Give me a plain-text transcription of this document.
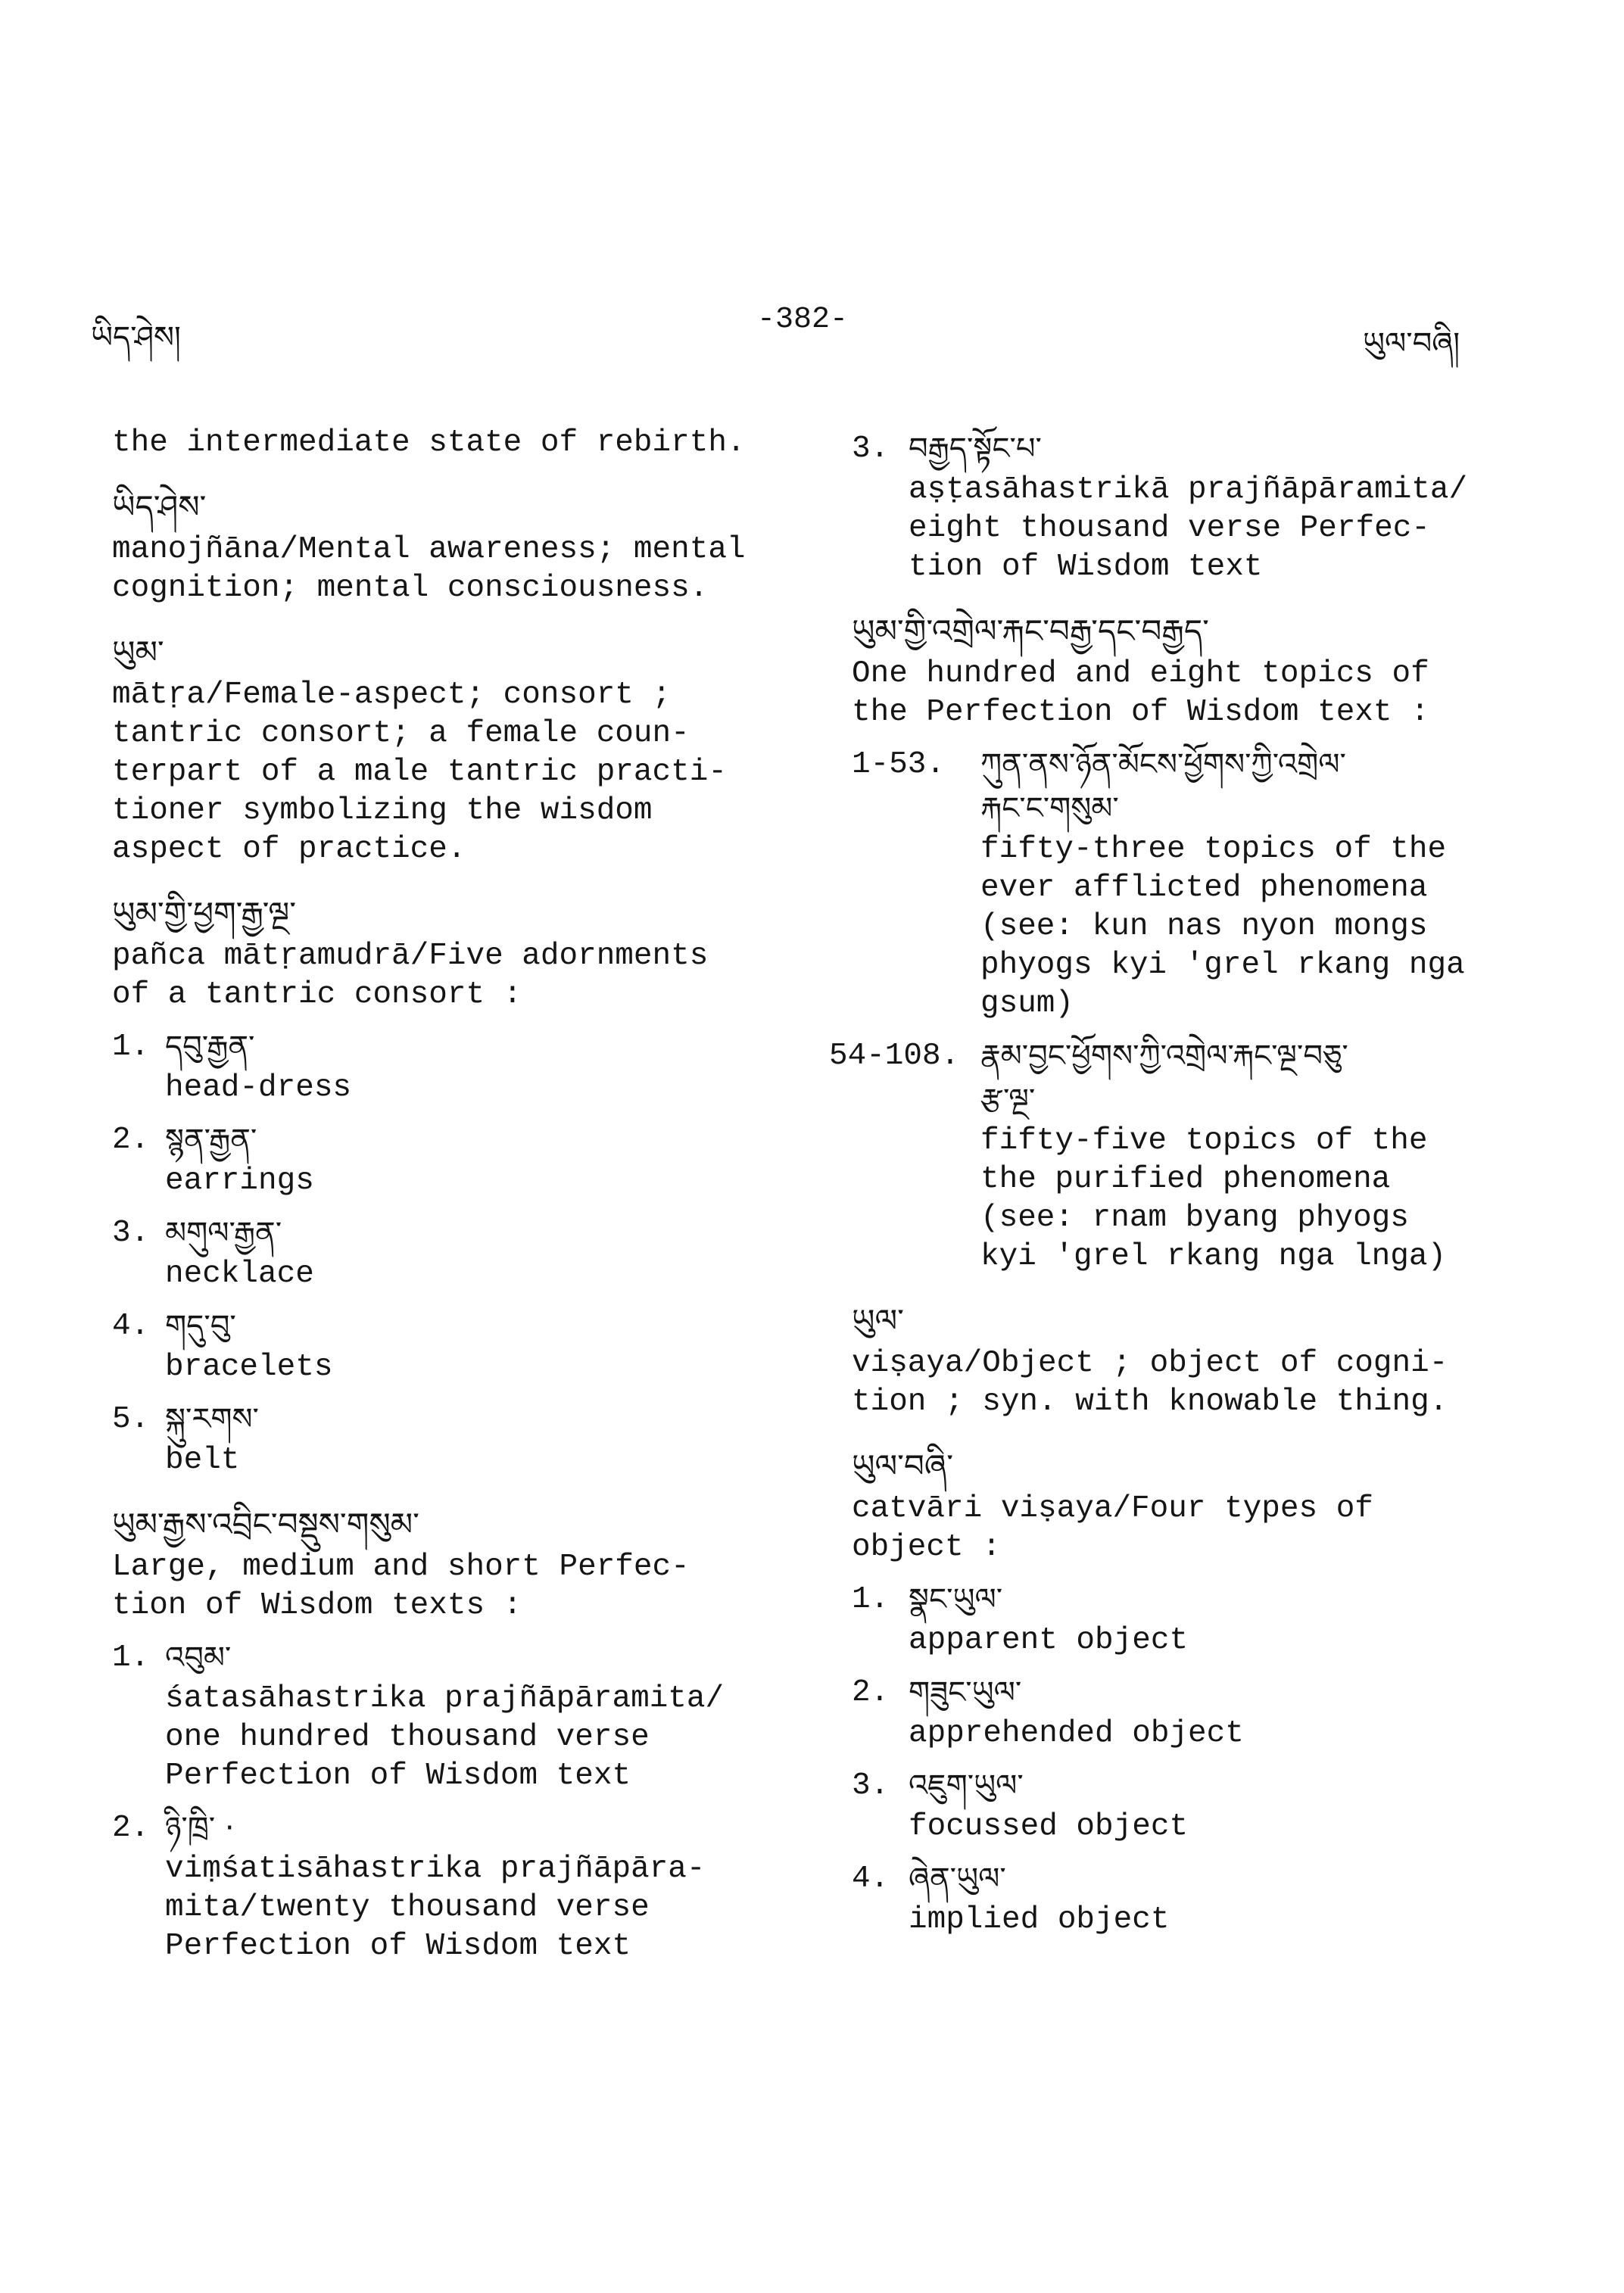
ཡིད་ཤེས།
-382-
ཡུལ་བཞི།
the intermediate state of rebirth.
ཡིད་ཤེས་
manojñāna/Mental awareness; mental
cognition; mental consciousness.
ཡུམ་
mātṛa/Female-aspect; consort ;
tantric consort; a female coun-
terpart of a male tantric practi-
tioner symbolizing the wisdom
aspect of practice.
ཡུམ་གྱི་ཕྱག་རྒྱ་ལྔ་
pañca mātṛamudrā/Five adornments
of a tantric consort :
1. དབུ་རྒྱན་
head-dress
2. སྙན་རྒྱན་
earrings
3. མགུལ་རྒྱན་
necklace
4. གདུ་བུ་
bracelets
5. སྐུ་རགས་
belt
ཡུམ་རྒྱས་འབྲིང་བསྡུས་གསུམ་
Large, medium and short Perfec-
tion of Wisdom texts :
1. འབུམ་
śatasāhastrika prajñāpāramita/
one hundred thousand verse
Perfection of Wisdom text
2. ཉི་ཁྲི་ ·
viṃśatisāhastrika prajñāpāra-
mita/twenty thousand verse
Perfection of Wisdom text
3. བརྒྱད་སྟོང་པ་
aṣṭasāhastrikā prajñāpāramita/
eight thousand verse Perfec-
tion of Wisdom text
ཡུམ་གྱི་འགྲེལ་རྐང་བརྒྱ་དང་བརྒྱད་
One hundred and eight topics of
the Perfection of Wisdom text :
1-53. ཀུན་ནས་ཉོན་མོངས་ཕྱོགས་ཀྱི་འགྲེལ་
རྐང་ང་གསུམ་
fifty-three topics of the
ever afflicted phenomena
(see: kun nas nyon mongs
phyogs kyi 'grel rkang nga
gsum)
54-108. རྣམ་བྱང་ཕྱོགས་ཀྱི་འགྲེལ་རྐང་ལྔ་བཅུ་
རྩ་ལྔ་
fifty-five topics of the
the purified phenomena
(see: rnam byang phyogs
kyi 'grel rkang nga lnga)
ཡུལ་
viṣaya/Object ; object of cogni-
tion ; syn. with knowable thing.
ཡུལ་བཞི་
catvāri viṣaya/Four types of
object :
1. སྣང་ཡུལ་
apparent object
2. གཟུང་ཡུལ་
apprehended object
3. འཇུག་ཡུལ་
focussed object
4. ཞེན་ཡུལ་
implied object
